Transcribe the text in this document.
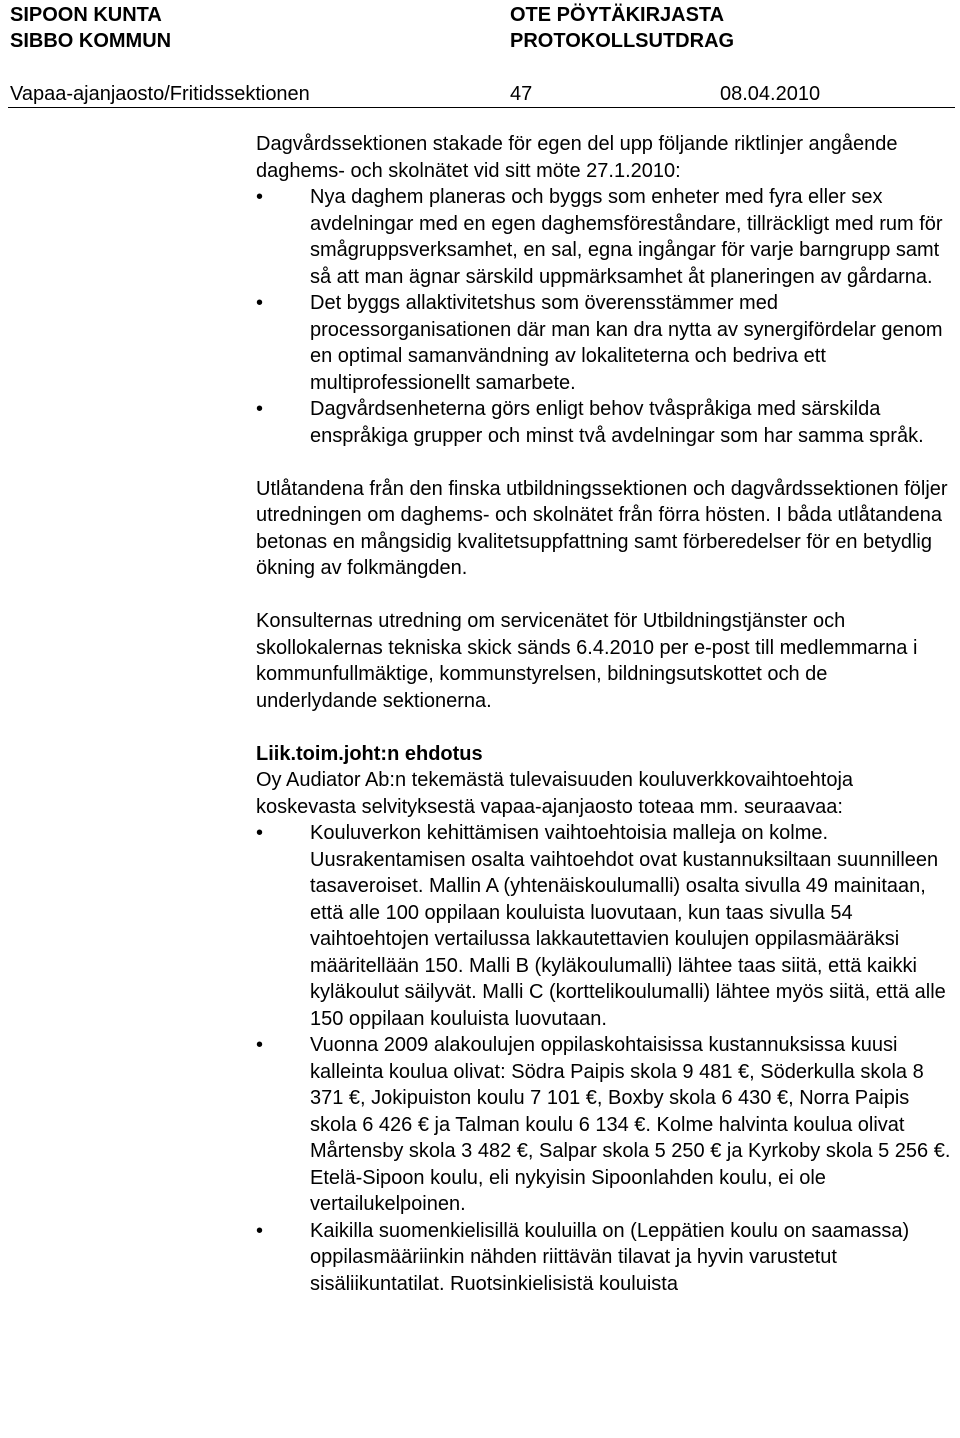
SIPOON KUNTA
SIBBO KOMMUN
OTE PÖYTÄKIRJASTA
PROTOKOLLSUTDRAG
Vapaa-ajanjaosto/Fritidssektionen	47	08.04.2010

Dagvårdssektionen stakade för egen del upp följande riktlinjer angående daghems- och skolnätet vid sitt möte 27.1.2010:

•	Nya daghem planeras och byggs som enheter med fyra eller sex avdelningar med en egen daghemsföreståndare, tillräckligt med rum för smågruppsverksamhet, en sal, egna ingångar för varje barngrupp samt så att man ägnar särskild uppmärksamhet åt planeringen av gårdarna.
•	Det byggs allaktivitetshus som överensstämmer med processorganisationen där man kan dra nytta av synergifördelar genom en optimal samanvändning av lokaliteterna och bedriva ett multiprofessionellt samarbete.
•	Dagvårdsenheterna görs enligt behov tvåspråkiga med särskilda enspråkiga grupper och minst två avdelningar som har samma språk.

Utlåtandena från den finska utbildningssektionen och dagvårdssektionen följer utredningen om daghems- och skolnätet från förra hösten. I båda utlåtandena betonas en mångsidig kvalitetsuppfattning samt förberedelser för en betydlig ökning av folkmängden.

Konsulternas utredning om servicenätet för Utbildningstjänster och skollokalernas tekniska skick sänds 6.4.2010 per e-post till medlemmarna i kommunfullmäktige, kommunstyrelsen, bildningsutskottet och de underlydande sektionerna.

Liik.toim.joht:n ehdotus

Oy Audiator Ab:n tekemästä tulevaisuuden kouluverkkovaihtoehtoja koskevasta selvityksestä vapaa-ajanjaosto toteaa mm. seuraavaa:

•	Kouluverkon kehittämisen vaihtoehtoisia malleja on kolme. Uusrakentamisen osalta vaihtoehdot ovat kustannuksiltaan suunnilleen tasaveroiset. Mallin A (yhtenäiskoulumalli) osalta sivulla 49 mainitaan, että alle 100 oppilaan kouluista luovutaan, kun taas sivulla 54 vaihtoehtojen vertailussa lakkautettavien koulujen oppilasmääräksi määritellään 150. Malli B (kyläkoulumalli) lähtee taas siitä, että kaikki kyläkoulut säilyvät. Malli C (korttelikoulumalli) lähtee myös siitä, että alle 150 oppilaan kouluista luovutaan.
•	Vuonna 2009 alakoulujen oppilaskohtaisissa kustannuksissa kuusi kalleinta koulua olivat: Södra Paipis skola 9 481 €, Söderkulla skola 8 371 €, Jokipuiston koulu 7 101 €, Boxby skola 6 430 €, Norra Paipis skola 6 426 € ja Talman koulu 6 134 €. Kolme halvinta koulua olivat Mårtensby skola 3 482 €, Salpar skola 5 250 € ja Kyrkoby skola 5 256 €. Etelä-Sipoon koulu, eli nykyisin Sipoonlahden koulu, ei ole vertailukelpoinen.
•	Kaikilla suomenkielisillä kouluilla on (Leppätien koulu on saamassa) oppilasmääriinkin nähden riittävän tilavat ja hyvin varustetut sisäliikuntatilat. Ruotsinkielisistä kouluista
